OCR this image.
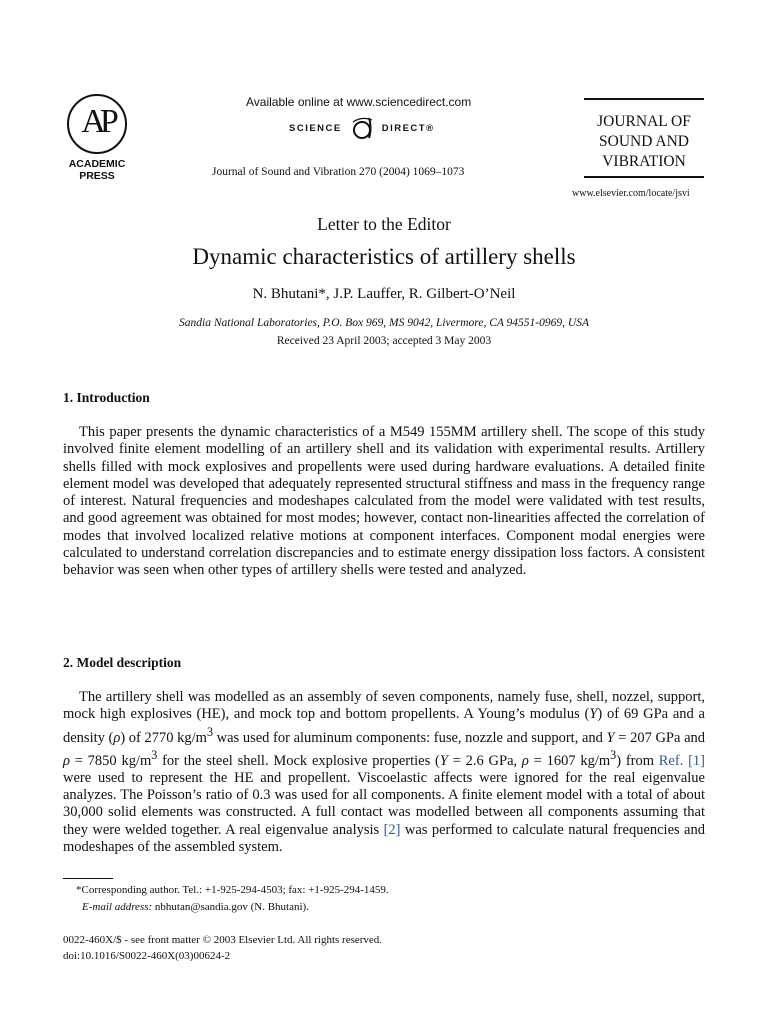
AP
ACADEMIC
PRESS
Available online at www.sciencedirect.com
SCIENCE	DIRECT®
Journal of Sound and Vibration 270 (2004) 1069–1073
JOURNAL OF
SOUND AND
VIBRATION
www.elsevier.com/locate/jsvi
Letter to the Editor
Dynamic characteristics of artillery shells
N. Bhutani*, J.P. Lauffer, R. Gilbert-O’Neil
Sandia National Laboratories, P.O. Box 969, MS 9042, Livermore, CA 94551-0969, USA
Received 23 April 2003; accepted 3 May 2003
1. Introduction
This paper presents the dynamic characteristics of a M549 155MM artillery shell. The scope of this study involved finite element modelling of an artillery shell and its validation with experimental results. Artillery shells filled with mock explosives and propellents were used during hardware evaluations. A detailed finite element model was developed that adequately represented structural stiffness and mass in the frequency range of interest. Natural frequencies and modeshapes calculated from the model were validated with test results, and good agreement was obtained for most modes; however, contact non-linearities affected the correlation of modes that involved localized relative motions at component interfaces. Component modal energies were calculated to understand correlation discrepancies and to estimate energy dissipation loss factors. A consistent behavior was seen when other types of artillery shells were tested and analyzed.
2. Model description
The artillery shell was modelled as an assembly of seven components, namely fuse, shell, nozzel, support, mock high explosives (HE), and mock top and bottom propellents. A Young’s modulus (Y) of 69 GPa and a density (ρ) of 2770 $kg/m^3$ was used for aluminum components: fuse, nozzle and support, and Y = 207 GPa and ρ = 7850 $kg/m^3$ for the steel shell. Mock explosive properties (Y = 2.6 GPa, ρ = 1607 $kg/m^3$) from Ref. [1] were used to represent the HE and propellent. Viscoelastic affects were ignored for the real eigenvalue analyzes. The Poisson’s ratio of 0.3 was used for all components. A finite element model with a total of about 30,000 solid elements was constructed. A full contact was modelled between all components assuming that they were welded together. A real eigenvalue analysis [2] was performed to calculate natural frequencies and modeshapes of the assembled system.
*Corresponding author. Tel.: +1-925-294-4503; fax: +1-925-294-1459.
E-mail address: nbhutan@sandia.gov (N. Bhutani).
0022-460X/$ - see front matter © 2003 Elsevier Ltd. All rights reserved.
doi:10.1016/S0022-460X(03)00624-2
